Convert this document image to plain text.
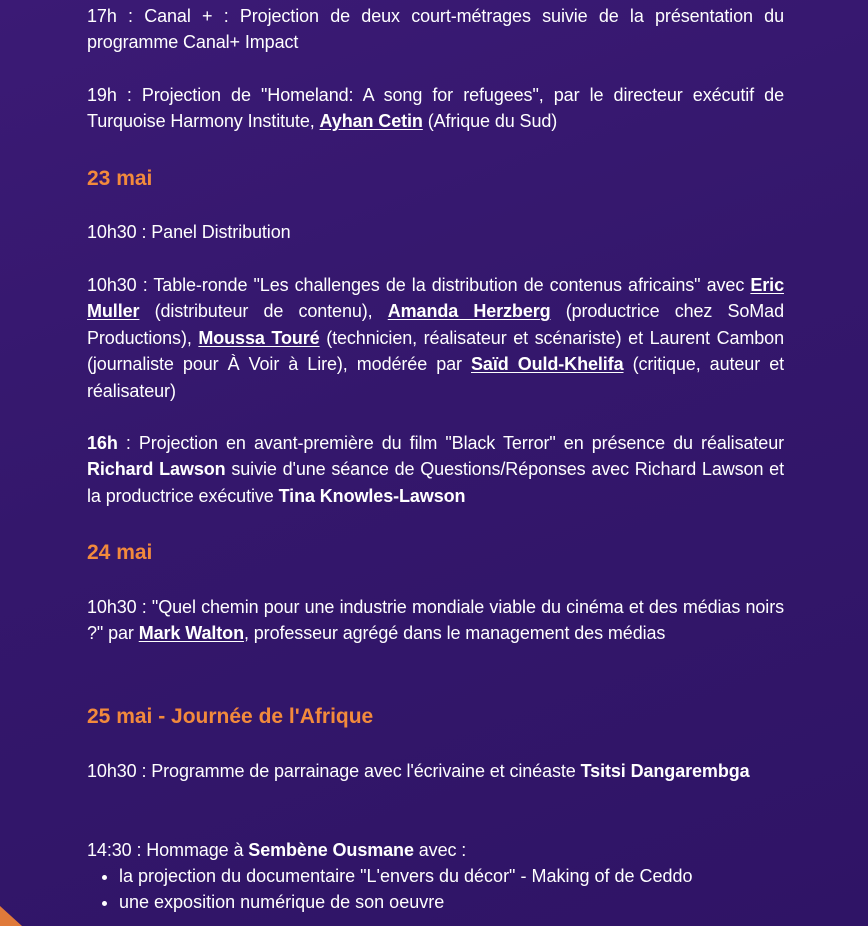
17h : Canal + : Projection de deux court-métrages suivie de la présentation du programme Canal+ Impact

19h : Projection de "Homeland: A song for refugees", par le directeur exécutif de Turquoise Harmony Institute, Ayhan Cetin (Afrique du Sud)

23 mai

10h30 : Panel Distribution

10h30 : Table-ronde "Les challenges de la distribution de contenus africains" avec Eric Muller (distributeur de contenu), Amanda Herzberg (productrice chez SoMad Productions), Moussa Touré (technicien, réalisateur et scénariste) et Laurent Cambon (journaliste pour À Voir à Lire), modérée par Saïd Ould-Khelifa (critique, auteur et réalisateur)

16h : Projection en avant-première du film "Black Terror" en présence du réalisateur Richard Lawson suivie d'une séance de Questions/Réponses avec Richard Lawson et la productrice exécutive Tina Knowles-Lawson

24 mai

10h30 : "Quel chemin pour une industrie mondiale viable du cinéma et des médias noirs ?" par Mark Walton, professeur agrégé dans le management des médias

25 mai - Journée de l'Afrique

10h30 : Programme de parrainage avec l'écrivaine et cinéaste Tsitsi Dangarembga

14:30 : Hommage à Sembène Ousmane avec :

• la projection du documentaire "L'envers du décor" - Making of de Ceddo
• une exposition numérique de son oeuvre
